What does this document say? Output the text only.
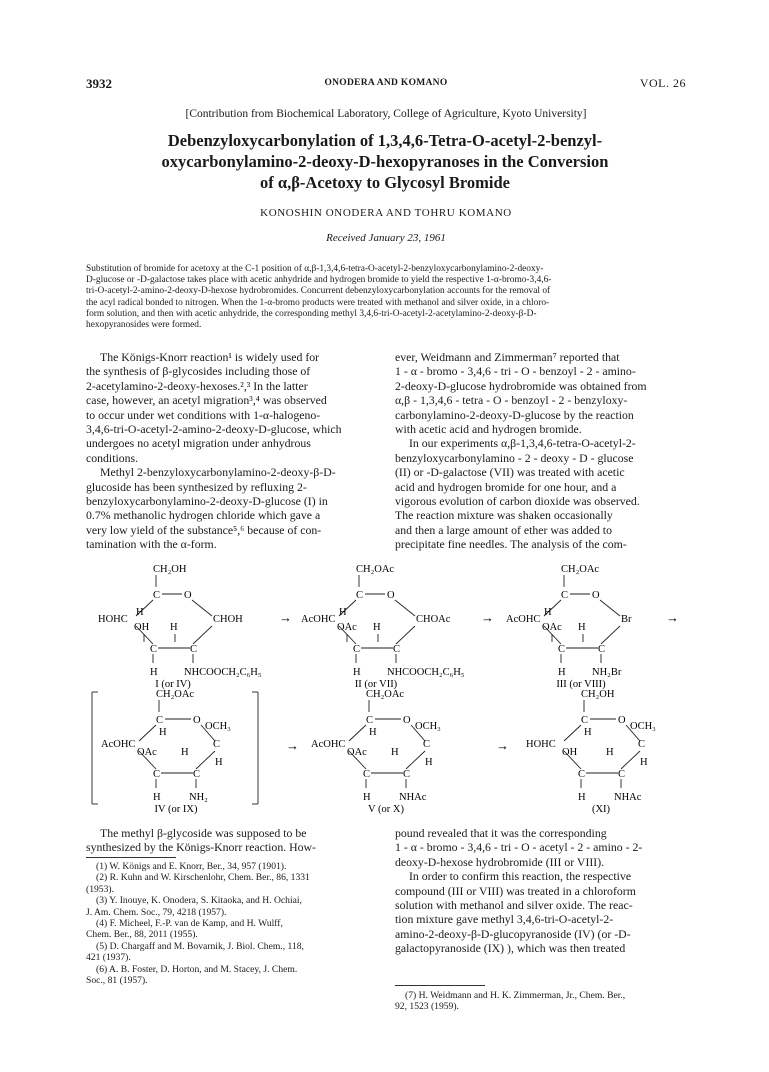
3932	ONODERA AND KOMANO	VOL. 26
[Contribution from Biochemical Laboratory, College of Agriculture, Kyoto University]
Debenzyloxycarbonylation of 1,3,4,6-Tetra-O-acetyl-2-benzyl-
oxycarbonylamino-2-deoxy-D-hexopyranoses in the Conversion
of α,β-Acetoxy to Glycosyl Bromide
KONOSHIN ONODERA AND TOHRU KOMANO
Received January 23, 1961
Substitution of bromide for acetoxy at the C-1 position of α,β-1,3,4,6-tetra-O-acetyl-2-benzyloxycarbonylamino-2-deoxy-
D-glucose or -D-galactose takes place with acetic anhydride and hydrogen bromide to yield the respective 1-α-bromo-3,4,6-
tri-O-acetyl-2-amino-2-deoxy-D-hexose hydrobromides. Concurrent debenzyloxycarbonylation accounts for the removal of
the acyl radical bonded to nitrogen. When the 1-α-bromo products were treated with methanol and silver oxide, in a chloro-
form solution, and then with acetic anhydride, the corresponding methyl 3,4,6-tri-O-acetyl-2-acetylamino-2-deoxy-β-D-
hexopyranosides were formed.

The Königs-Knorr reaction¹ is widely used for

the synthesis of β-glycosides including those of

2-acetylamino-2-deoxy-hexoses.²,³ In the latter

case, however, an acetyl migration³,⁴ was observed

to occur under wet conditions with 1-α-halogeno-

3,4,6-tri-O-acetyl-2-amino-2-deoxy-D-glucose, which

undergoes no acetyl migration under anhydrous

conditions.

Methyl 2-benzyloxycarbonylamino-2-deoxy-β-D-

glucoside has been synthesized by refluxing 2-

benzyloxycarbonylamino-2-deoxy-D-glucose (I) in

0.7% methanolic hydrogen chloride which gave a

very low yield of the substance⁵,⁶ because of con-

tamination with the α-form.

ever, Weidmann and Zimmerman⁷ reported that

1 - α - bromo - 3,4,6 - tri - O - benzoyl - 2 - amino-

2-deoxy-D-glucose hydrobromide was obtained from

α,β - 1,3,4,6 - tetra - O - benzoyl - 2 - benzyloxy-

carbonylamino-2-deoxy-D-glucose by the reaction

with acetic acid and hydrogen bromide.

In our experiments α,β-1,3,4,6-tetra-O-acetyl-2-

benzyloxycarbonylamino - 2 - deoxy - D - glucose

(II) or -D-galactose (VII) was treated with acetic

acid and hydrogen bromide for one hour, and a

vigorous evolution of carbon dioxide was observed.

The reaction mixture was shaken occasionally

and then a large amount of ether was added to

precipitate fine needles. The analysis of the com-

CH₂OH
C O
H
HOHC	CHOH
OH H
C	C
H	NHCOOCH₂C₆H₅
I (or IV)
CH₂OAc
C O
H
AcOHC	CHOAc
OAc H
C	C
H	NHCOOCH₂C₆H₅
II (or VII)
CH₂OAc
C O
H
AcOHC	Br
OAc H
C	C
H	NH₂Br
III (or VIII)
→	→	→
CH₂OAc
C	O
OCH₃
H
AcOHC	C
OAc H
H
C	C
H	NH₂
IV (or IX)
CH₂OAc
C	O
OCH₃
H
AcOHC	C
OAc H
H
C	C
H	NHAc
V (or X)
CH₂OH
C	O
OCH₃
H
HOHC	C
OH	H
H
C	C
H	NHAc
(XI)
→	→

The methyl β-glycoside was supposed to be

synthesized by the Königs-Knorr reaction. How-

(1) W. Königs and E. Knorr, Ber., 34, 957 (1901).

(2) R. Kuhn and W. Kirschenlohr, Chem. Ber., 86, 1331

(1953).

(3) Y. Inouye, K. Onodera, S. Kitaoka, and H. Ochiai,

J. Am. Chem. Soc., 79, 4218 (1957).

(4) F. Micheel, F.-P. van de Kamp, and H. Wulff,

Chem. Ber., 88, 2011 (1955).

(5) D. Chargaff and M. Bovarnik, J. Biol. Chem., 118,

421 (1937).

(6) A. B. Foster, D. Horton, and M. Stacey, J. Chem.

Soc., 81 (1957).

pound revealed that it was the corresponding

1 - α - bromo - 3,4,6 - tri - O - acetyl - 2 - amino - 2-

deoxy-D-hexose hydrobromide (III or VIII).

In order to confirm this reaction, the respective

compound (III or VIII) was treated in a chloroform

solution with methanol and silver oxide. The reac-

tion mixture gave methyl 3,4,6-tri-O-acetyl-2-

amino-2-deoxy-β-D-glucopyranoside (IV) (or -D-

galactopyranoside (IX) ), which was then treated

(7) H. Weidmann and H. K. Zimmerman, Jr., Chem. Ber.,

92, 1523 (1959).
